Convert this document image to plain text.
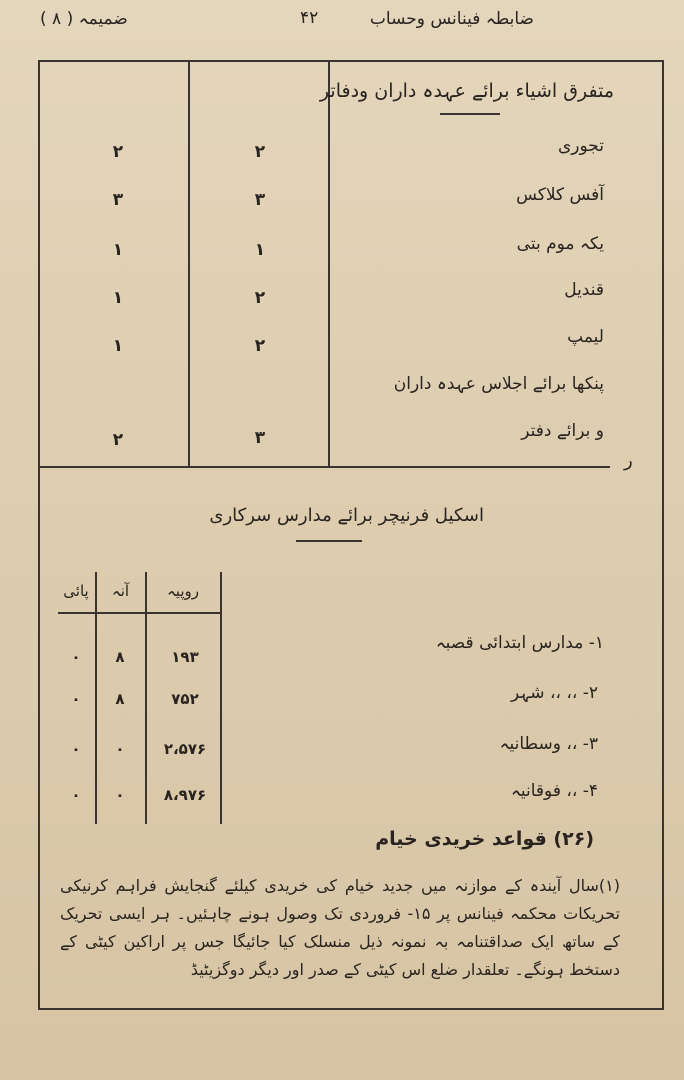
ضابطہ فینانس وحساب
۴۲
ضمیمہ ( ۸ )
متفرق اشیاء برائے عہدہ داران ودفاتر
تجوری
۲
۲
آفس کلاکس
۳
۳
یکہ موم بتی
۱
۱
قندیل
۲
۱
لیمپ
۲
۱
پنکھا برائے اجلاس عہدہ داران
و برائے دفتر
۳
۲
ر
اسکیل فرنیچر برائے مدارس سرکاری
روپیہ
آنہ
پائی
۱- مدارس ابتدائی قصبہ
۱۹۳
۸
۰
۲- ،، ،، شہر
۷۵۲
۸
۰
۳- ،، وسطانیہ
۲،۵۷۶
۰
۰
۴- ،، فوقانیہ
۸،۹۷۶
۰
۰
(۲۶) قواعد خریدی خیام
(۱)سال آیندہ کے موازنہ میں جدید خیام کی خریدی کیلئے گنجایش فراہم کرنیکی تحریکات محکمہ فینانس پر ۱۵- فروردی تک وصول ہونے چاہئیں۔ ہر ایسی تحریک کے ساتھ ایک صداقتنامہ بہ نمونہ ذیل منسلک کیا جائیگا جس پر اراکین کیٹی کے دستخط ہونگے۔ تعلقدار ضلع اس کیٹی کے صدر اور دیگر دوگزیٹیڈ
